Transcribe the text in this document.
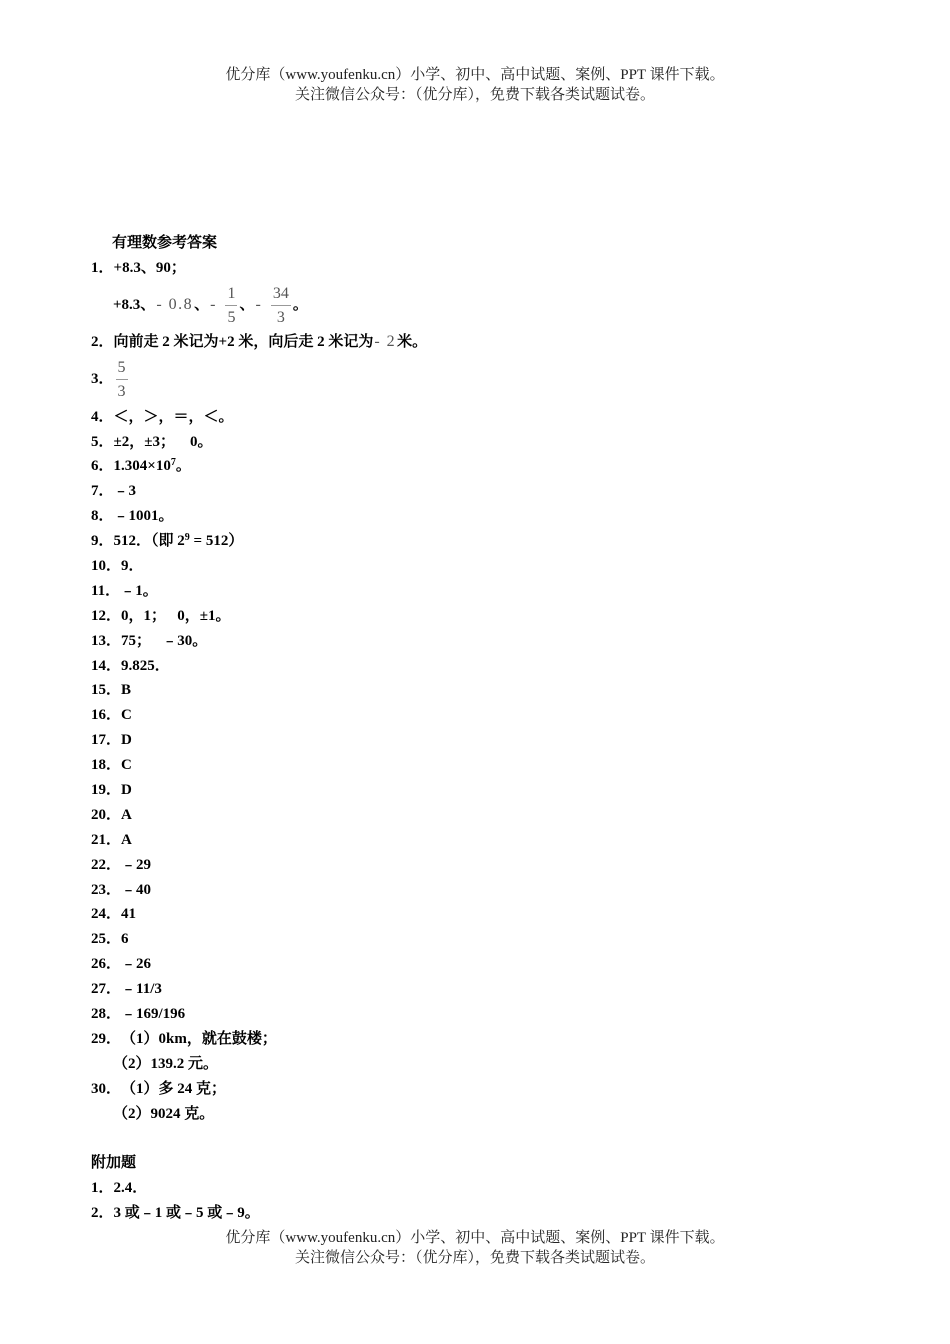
优分库（www.youfenku.cn）小学、初中、高中试题、案例、PPT 课件下载。
关注微信公众号：（优分库），免费下载各类试题试卷。
有理数参考答案
1． +8.3、90；
+8.3、 - 0.8 、 - $\frac{1}{5}$ 、 - $\frac{34}{3}$ 。
2． 向前走 2 米记为+2 米，向后走 2 米记为 - 2 米。
3． $\frac{5}{3}$
4． ＜，＞，＝，＜。
5． ±2，±3；    0。
6． 1.304×10 7 。
7． ﹣3
8． ﹣1001。
9． 512．（即 2 9 = 512）
10． 9．
11． ﹣1。
12． 0，1；   0，±1。
13． 75；   ﹣30。
14． 9.825．
15． B
16． C
17． D
18． C
19． D
20． A
21． A
22． ﹣29
23． ﹣40
24． 41
25． 6
26． ﹣26
27． ﹣11/3
28． ﹣169/196
29． （1）0km，就在鼓楼；
（2）139.2 元。
30． （1）多 24 克；
（2）9024 克。
附加题
1． 2.4．
2． 3 或﹣1 或﹣5 或﹣9。
优分库（www.youfenku.cn）小学、初中、高中试题、案例、PPT 课件下载。
关注微信公众号：（优分库），免费下载各类试题试卷。
